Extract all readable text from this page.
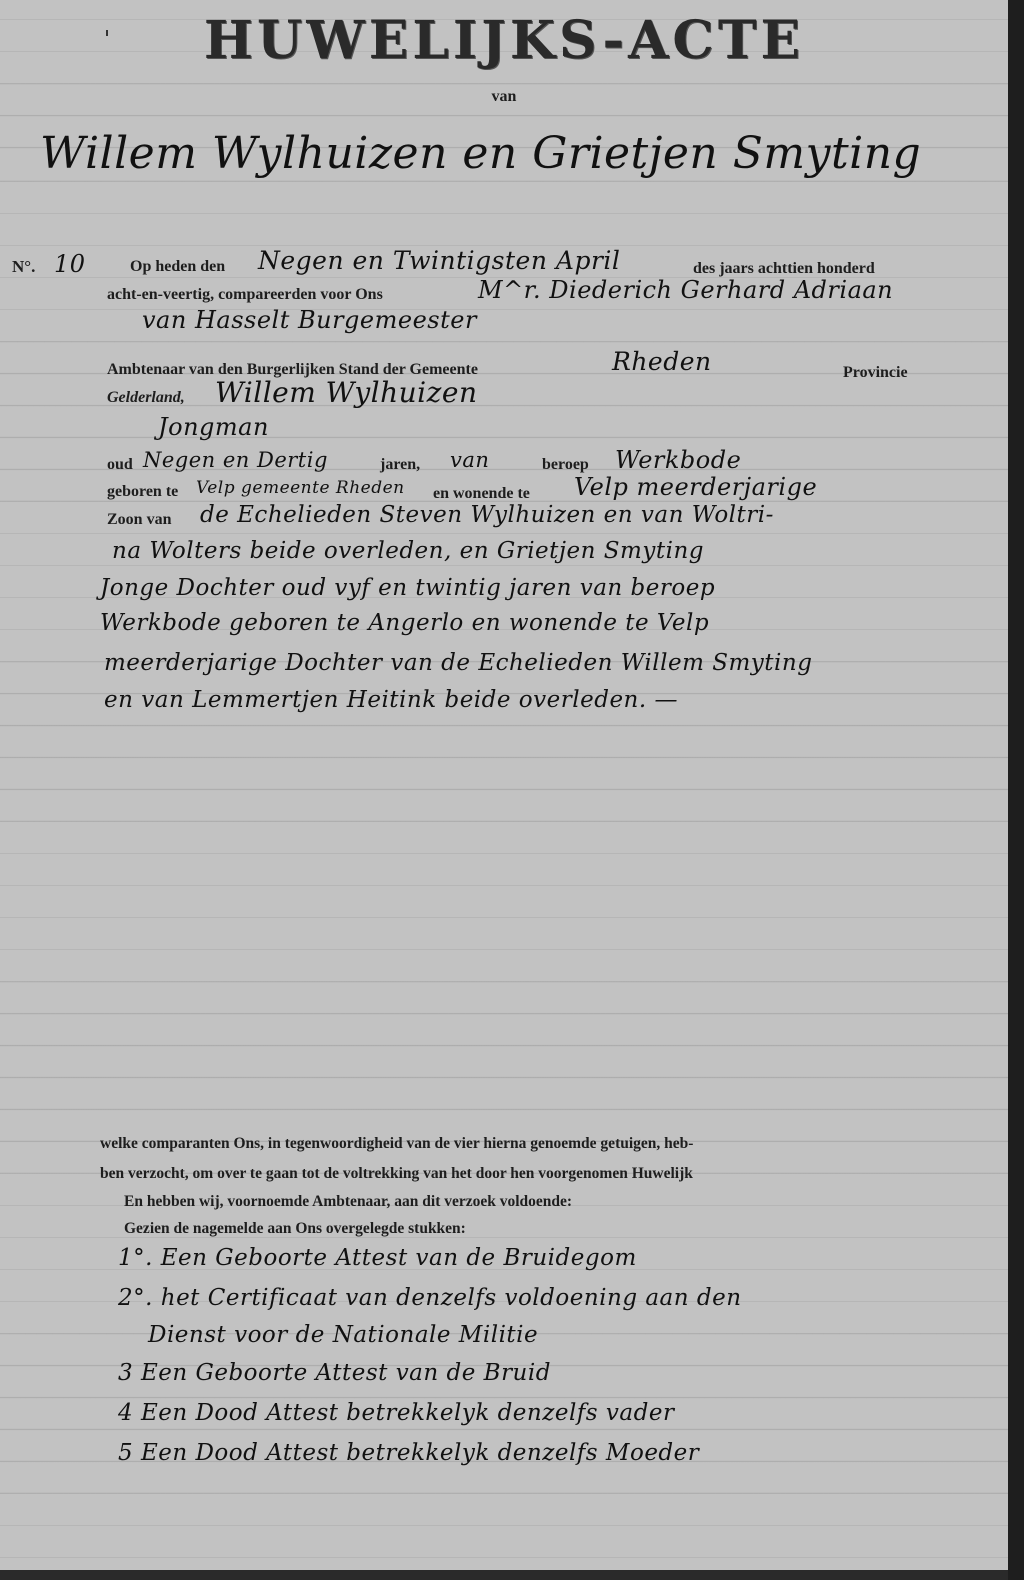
HUWELIJKS-ACTE
van
Willem Wylhuizen en Grietjen Smyting
N°. 10	Op heden den Negen en Twintigsten April	des jaars achttien honderd
acht-en-veertig, compareerden voor Ons	M^r. Diederich Gerhard Adriaan
van Hasselt Burgemeester
Ambtenaar van den Burgerlijken Stand der Gemeente	Rheden	Provincie
Gelderland, Willem Wylhuizen
Jongman
oud Negen en Dertig	jaren, van	beroep Werkbode
geboren te Velp gemeente Rheden en wonende te Velp meerderjarige
Zoon van de Echelieden Steven Wylhuizen en van Woltri-
na Wolters beide overleden, en Grietjen Smyting
Jonge Dochter oud vyf en twintig jaren van beroep
Werkbode geboren te Angerlo en wonende te Velp
meerderjarige Dochter van de Echelieden Willem Smyting
en van Lemmertjen Heitink beide overleden. —
welke comparanten Ons, in tegenwoordigheid van de vier hierna genoemde getuigen, heb-
ben verzocht, om over te gaan tot de voltrekking van het door hen voorgenomen Huwelijk
En hebben wij, voornoemde Ambtenaar, aan dit verzoek voldoende:
Gezien de nagemelde aan Ons overgelegde stukken:
1°. Een Geboorte Attest van de Bruidegom
2°. het Certificaat van denzelfs voldoening aan den
Dienst voor de Nationale Militie
3 Een Geboorte Attest van de Bruid
4 Een Dood Attest betrekkelyk denzelfs vader
5 Een Dood Attest betrekkelyk denzelfs Moeder
